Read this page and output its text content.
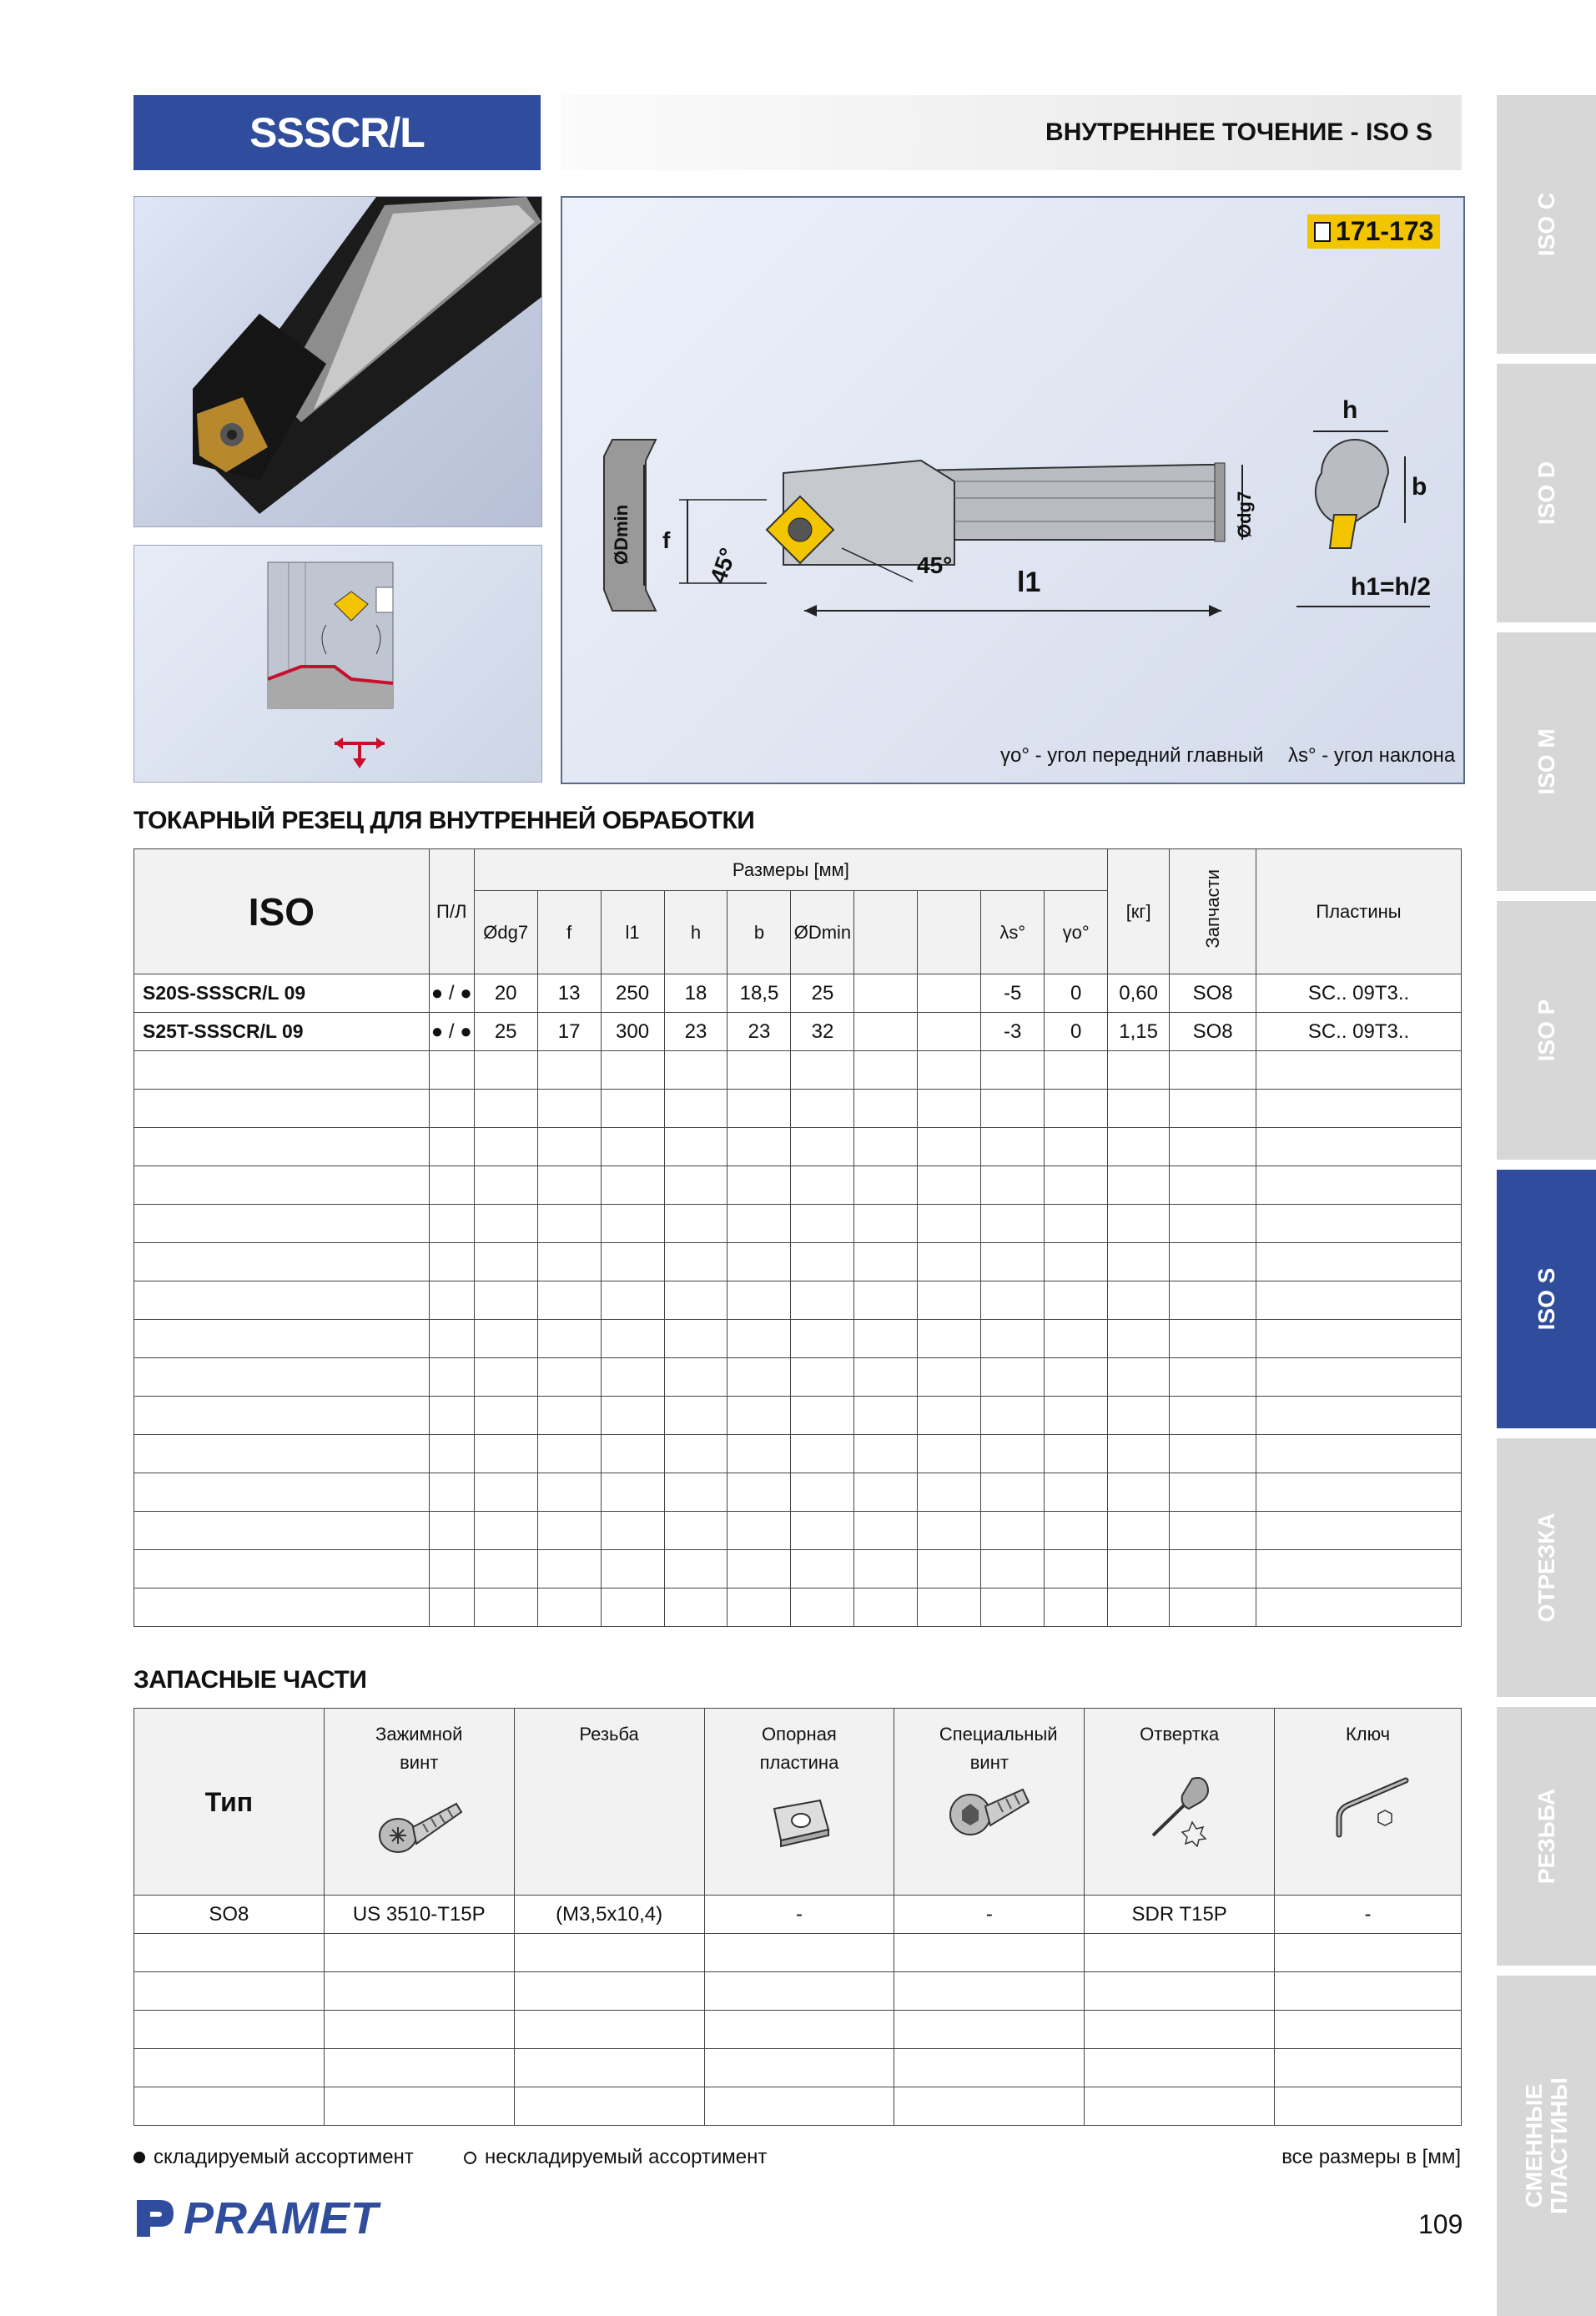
SSSCR/L	ВНУТРЕННЕЕ ТОЧЕНИЕ - ISO S
ISO C
ISO D
ISO M
ISO P
ISO S
ОТРЕЗКА
РЕЗЬБА
СМЕННЫЕ ПЛАСТИНЫ
171-173
ØDmin f
45°	45°
l1
Ødg7
h
b
h1=h/2
γo° - угол передний главный λs° - угол наклона
ТОКАРНЫЙ РЕЗЕЦ ДЛЯ ВНУТРЕННЕЙ ОБРАБОТКИ
ISO	П/Л	Размеры [мм]										[кг]	Запчасти	Пластины
		Ødg7	f	l1	h	b	ØDmin			λs°	γo°			
S20S-SSSCR/L 09	● / ●	20	13	250	18	18,5	25			-5	0	0,60	SO8	SC.. 09T3..
S25T-SSSCR/L 09	● / ●	25	17	300	23	23	32			-3	0	1,15	SO8	SC.. 09T3..

ЗАПАСНЫЕ ЧАСТИ
Тип	Зажимной винт	Резьба	Опорная пластина	Специальный винт	Отвертка	Ключ

SO8	US 3510-T15P	(M3,5x10,4)	-	-	SDR T15P	-

складируемый ассортимент	нескладируемый ассортимент	все размеры в [мм]
PRAMET	109
